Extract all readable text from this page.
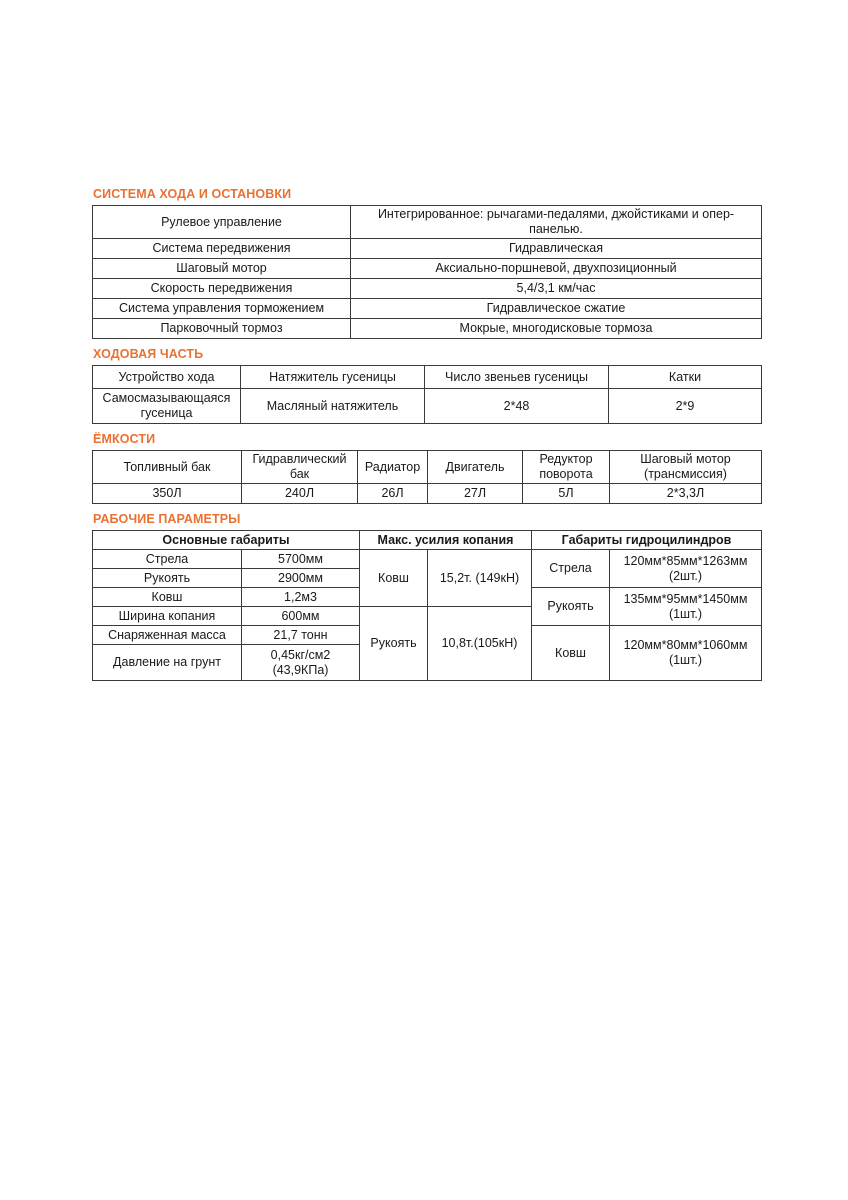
СИСТЕМА ХОДА И ОСТАНОВКИ
Рулевое управление	Интегрированное: рычагами-педалями, джойстиками и опер-панелью.
Система передвижения	Гидравлическая
Шаговый мотор	Аксиально-поршневой, двухпозиционный
Скорость передвижения	5,4/3,1 км/час
Система управления торможением	Гидравлическое сжатие
Парковочный тормоз	Мокрые, многодисковые тормоза
ХОДОВАЯ ЧАСТЬ
Устройство хода	Натяжитель гусеницы	Число звеньев гусеницы	Катки
Самосмазывающаяся гусеница	Масляный натяжитель	2*48	2*9
ЁМКОСТИ
Топливный бак	Гидравлический бак	Радиатор	Двигатель	Редуктор поворота	Шаговый мотор (трансмиссия)
350Л	240Л	26Л	27Л	5Л	2*3,3Л
РАБОЧИЕ ПАРАМЕТРЫ
Основные габариты		Макс. усилия копания		Габариты гидроцилиндров	
Стрела	5700мм	Ковш	15,2т. (149кН)	Стрела	120мм*85мм*1263мм (2шт.)
Рукоять	2900мм				
Ковш	1,2м3			Рукоять	135мм*95мм*1450мм (1шт.)
Ширина копания	600мм	Рукоять	10,8т.(105кН)		
Снаряженная масса	21,7 тонн			Ковш	120мм*80мм*1060мм (1шт.)
Давление на грунт	0,45кг/см2 (43,9КПа)				
